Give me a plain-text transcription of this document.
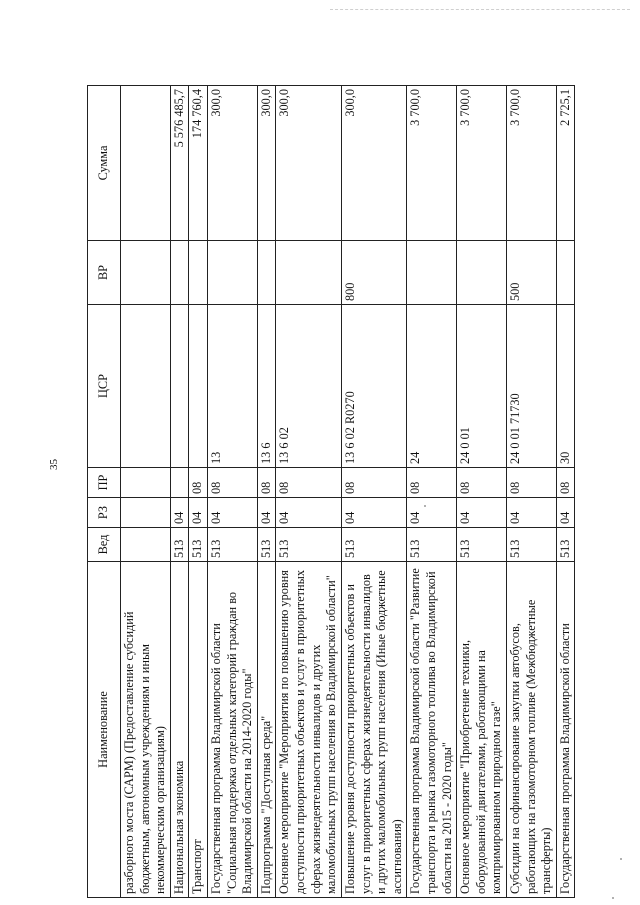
35
Наименование	Вед	РЗ	ПР	ЦСР	ВР	Сумма
разборного моста (САРМ) (Предоставление субсидий бюджетным, автономным учреждениям и иным некоммерческим организациям)						
Национальная экономика	513	04				5 576 485,7
Транспорт	513	04	08			174 760,4
Государственная программа Владимирской области "Социальная поддержка отдельных категорий граждан во Владимирской области на 2014-2020 годы"	513	04	08	13		300,0
Подпрограмма "Доступная среда"	513	04	08	13 6		300,0
Основное мероприятие "Мероприятия по повышению уровня доступности приоритетных объектов и услуг в приоритетных сферах жизнедеятельности инвалидов и других маломобильных групп населения во Владимирской области"	513	04	08	13 6 02		300,0
Повышение уровня доступности приоритетных объектов и услуг в приоритетных сферах жизнедеятельности инвалидов и других маломобильных групп населения (Иные бюджетные ассигнования)	513	04	08	13 6 02 R0270	800	300,0
Государственная программа Владимирской области "Развитие транспорта и рынка газомоторного топлива во Владимирской области на 2015 - 2020 годы"	513	04	08	24		3 700,0
Основное мероприятие "Приобретение техники, оборудованной двигателями, работающими на компримированном природном газе"	513	04	08	24 0 01		3 700,0
Субсидии на софинансирование закупки автобусов, работающих на газомоторном топливе (Межбюджетные трансферты)	513	04	08	24 0 01 71730	500	3 700,0
Государственная программа Владимирской области	513	04	08	30		2 725,1
